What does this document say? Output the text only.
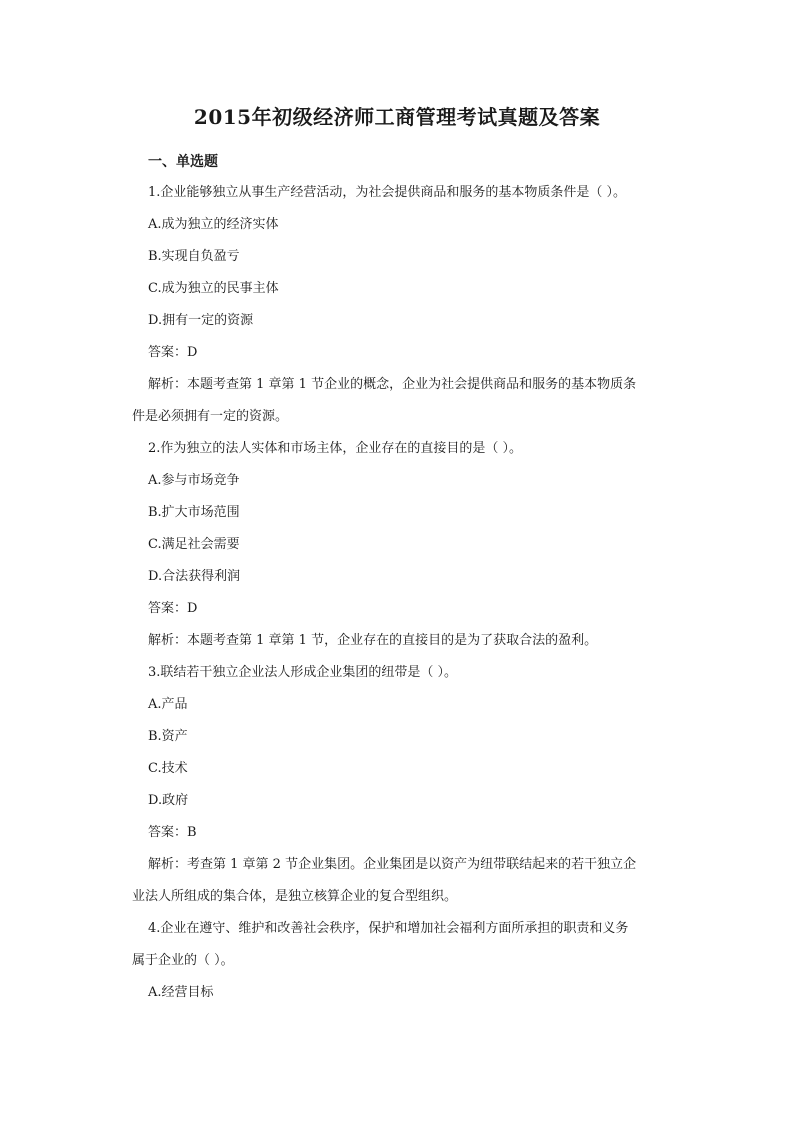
2015年初级经济师工商管理考试真题及答案
一、单选题
1.企业能够独立从事生产经营活动，为社会提供商品和服务的基本物质条件是（ ）。
A.成为独立的经济实体
B.实现自负盈亏
C.成为独立的民事主体
D.拥有一定的资源
答案：D
解析：本题考查第 1 章第 1 节企业的概念，企业为社会提供商品和服务的基本物质条
件是必须拥有一定的资源。
2.作为独立的法人实体和市场主体，企业存在的直接目的是（ ）。
A.参与市场竞争
B.扩大市场范围
C.满足社会需要
D.合法获得利润
答案：D
解析：本题考查第 1 章第 1 节，企业存在的直接目的是为了获取合法的盈利。
3.联结若干独立企业法人形成企业集团的纽带是（ ）。
A.产品
B.资产
C.技术
D.政府
答案：B
解析：考查第 1 章第 2 节企业集团。企业集团是以资产为纽带联结起来的若干独立企
业法人所组成的集合体，是独立核算企业的复合型组织。
4.企业在遵守、维护和改善社会秩序，保护和增加社会福利方面所承担的职责和义务
属于企业的（ ）。
A.经营目标
